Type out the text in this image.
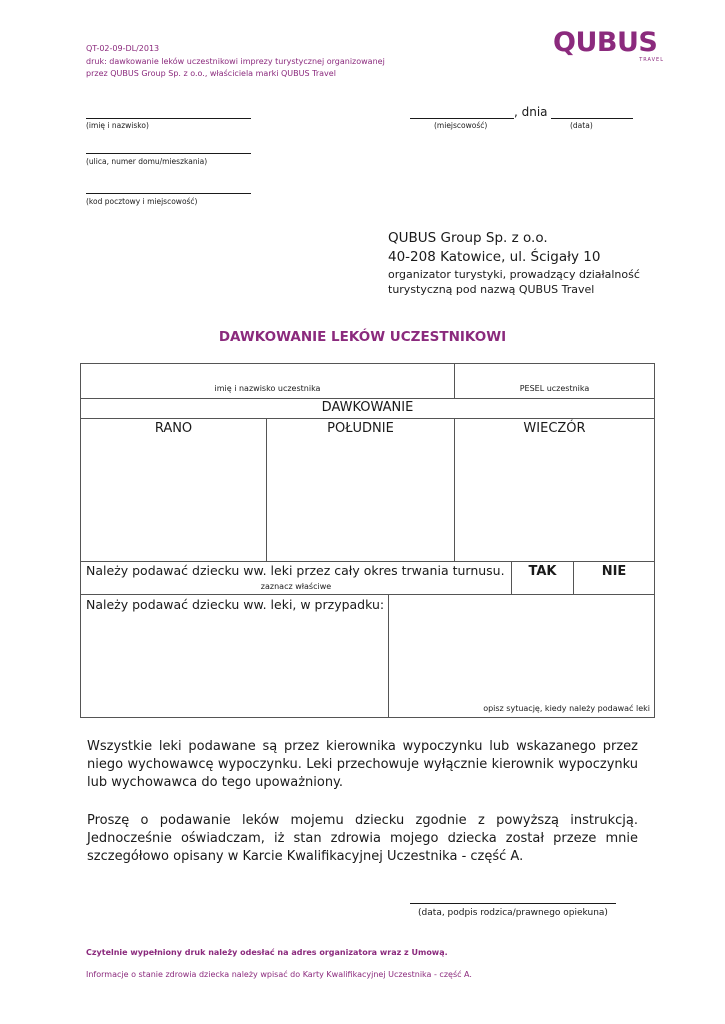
QT-02-09-DL/2013
druk: dawkowanie leków uczestnikowi imprezy turystycznej organizowanej
przez QUBUS Group Sp. z o.o., właściciela marki QUBUS Travel
QUBUS
TRAVEL
(imię i nazwisko)
(ulica, numer domu/mieszkania)
(kod pocztowy i miejscowość)
, dnia
(miejscowość)	(data)
QUBUS Group Sp. z o.o.
40-208 Katowice, ul. Ścigały 10
organizator turystyki, prowadzący działalność
turystyczną pod nazwą QUBUS Travel
DAWKOWANIE LEKÓW UCZESTNIKOWI
imię i nazwisko uczestnika	PESEL uczestnika
DAWKOWANIE
RANO	POŁUDNIE	WIECZÓR
Należy podawać dziecku ww. leki przez cały okres trwania turnusu.
zaznacz właściwe
TAK	NIE
Należy podawać dziecku ww. leki, w przypadku:
opisz sytuację, kiedy należy podawać leki
Wszystkie leki podawane są przez kierownika wypoczynku lub wskazanego przez niego wychowawcę wypoczynku. Leki przechowuje wyłącznie kierownik wypoczynku lub wychowawca do tego upoważniony.
Proszę o podawanie leków mojemu dziecku zgodnie z powyższą instrukcją. Jednocześnie oświadczam, iż stan zdrowia mojego dziecka został przeze mnie szczegółowo opisany w Karcie Kwalifikacyjnej Uczestnika - część A.
(data, podpis rodzica/prawnego opiekuna)
Czytelnie wypełniony druk należy odesłać na adres organizatora wraz z Umową.
Informacje o stanie zdrowia dziecka należy wpisać do Karty Kwalifikacyjnej Uczestnika - część A.
